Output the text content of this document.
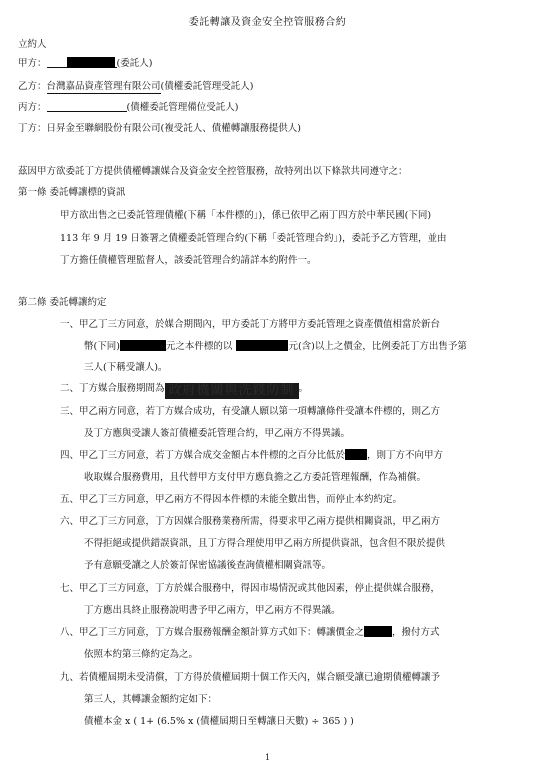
委託轉讓及資金安全控管服務合約
立約人
甲方：	(委託人)
乙方：台灣嘉品資產管理有限公司(債權委託管理受託人)
丙方：	(債權委託管理備位受託人)
丁方：日昇金至聯網股份有限公司(複受託人、債權轉讓服務提供人)
茲因甲方欲委託丁方提供債權轉讓媒合及資金安全控管服務，故特列出以下條款共同遵守之：
第一條 委託轉讓標的資訊
甲方欲出售之已委託管理債權(下稱「本件標的」)，係已依甲乙兩丁四方於中華民國(下同)
113 年 9 月 19 日簽署之債權委託管理合約(下稱「委託管理合約」)，委託予乙方管理，並由
丁方擔任債權管理監督人，該委託管理合約請詳本約附件一。
第二條 委託轉讓約定
一、甲乙丁三方同意，於媒合期間內，甲方委託丁方將甲方委託管理之資產價值相當於新台
幣(下同)	元之本件標的以	元(含)以上之價金，比例委託丁方出售予第
三人(下稱受讓人)。
二、丁方媒合服務期間為 政府機關與洗錢防制 。
三、甲乙兩方同意，若丁方媒合成功，有受讓人願以第一項轉讓條件受讓本件標的，則乙方
及丁方應與受讓人簽訂債權委託管理合約，甲乙兩方不得異議。
四、甲乙丁三方同意，若丁方媒合成交金額占本件標的之百分比低於 ，則丁方不向甲方
收取媒合服務費用，且代替甲方支付甲方應負擔之乙方委託管理報酬，作為補償。
五、甲乙丁三方同意，甲乙兩方不得因本件標的未能全數出售，而停止本約約定。
六、甲乙丁三方同意，丁方因媒合服務業務所需，得要求甲乙兩方提供相關資訊，甲乙兩方
不得拒絕或提供錯誤資訊，且丁方得合理使用甲乙兩方所提供資訊，包含但不限於提供
予有意願受讓之人於簽訂保密協議後查詢債權相關資訊等。
七、甲乙丁三方同意，丁方於媒合服務中，得因市場情況或其他因素，停止提供媒合服務，
丁方應出具終止服務說明書予甲乙兩方，甲乙兩方不得異議。
八、甲乙丁三方同意，丁方媒合服務報酬金額計算方式如下：轉讓價金之	，撥付方式
依照本約第三條約定為之。
九、若債權屆期未受清償，丁方得於債權屆期十個工作天內，媒合願受讓已逾期債權轉讓予
第三人，其轉讓金額約定如下：
債權本金 x ( 1+ (6.5% x (債權屆期日至轉讓日天數) ÷ 365 ) )
1
